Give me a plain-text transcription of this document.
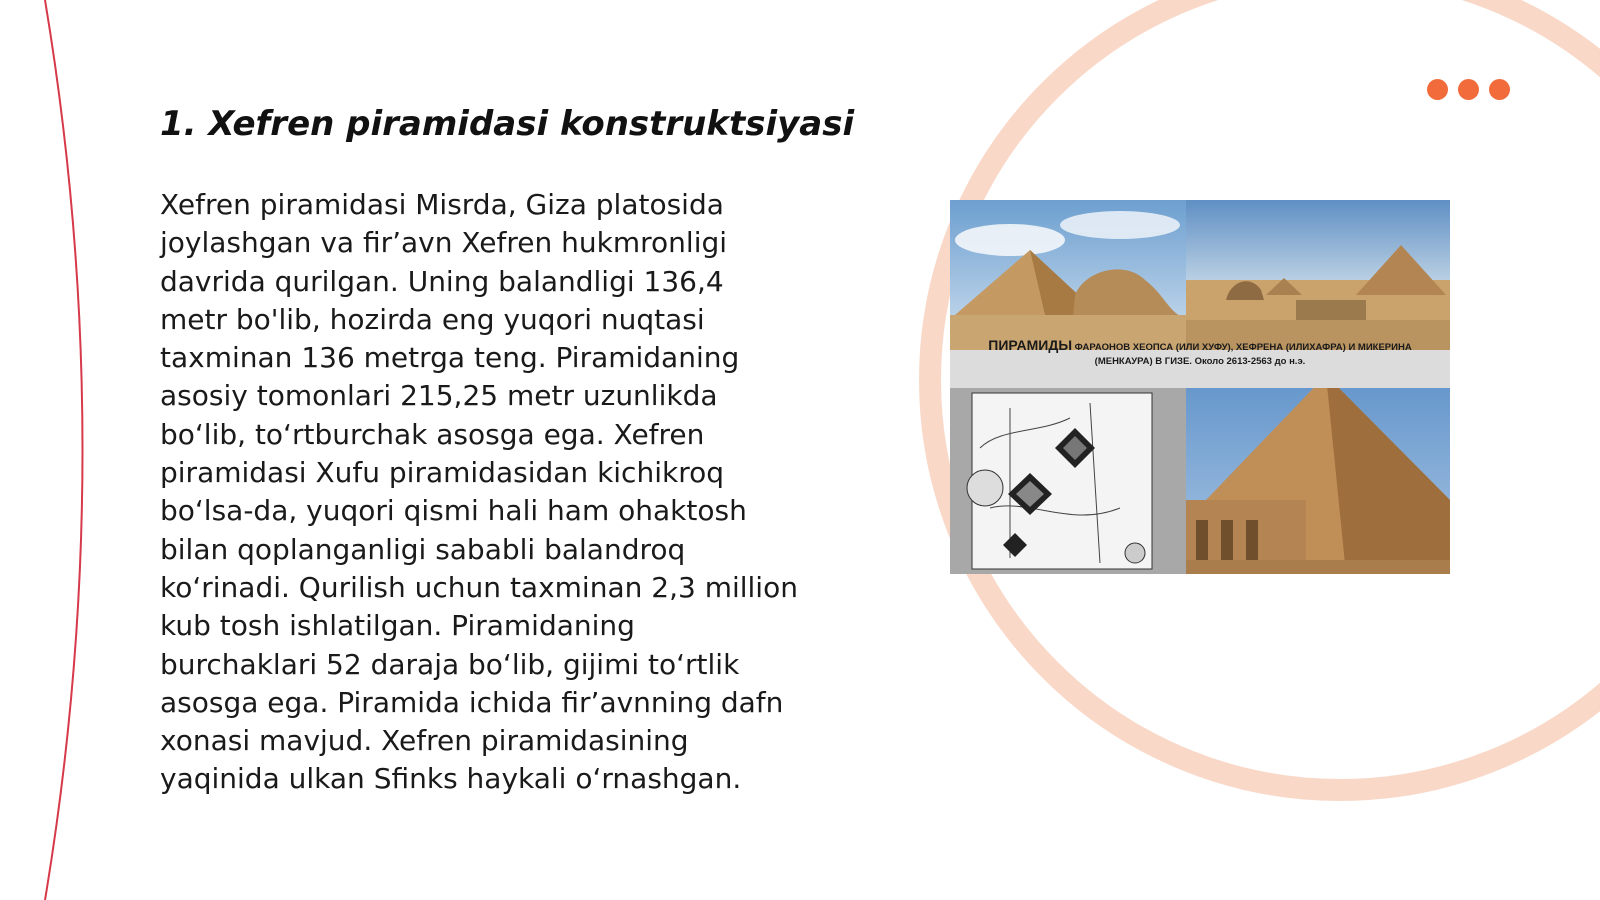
1. Xefren piramidasi konstruktsiyasi
Xefren piramidasi Misrda, Giza platosida
joylashgan va fir’avn Xefren hukmronligi
davrida qurilgan. Uning balandligi 136,4
metr bo'lib, hozirda eng yuqori nuqtasi
taxminan 136 metrga teng. Piramidaning
asosiy tomonlari 215,25 metr uzunlikda
bo‘lib, to‘rtburchak asosga ega. Xefren
piramidasi Xufu piramidasidan kichikroq
bo‘lsa-da, yuqori qismi hali ham ohaktosh
bilan qoplanganligi sababli balandroq
ko‘rinadi. Qurilish uchun taxminan 2,3 million
kub tosh ishlatilgan. Piramidaning
burchaklari 52 daraja bo‘lib, gijimi to‘rtlik
asosga ega. Piramida ichida fir’avnning dafn
xonasi mavjud. Xefren piramidasining
yaqinida ulkan Sfinks haykali o‘rnashgan.
ПИРАМИДЫ ФАРАОНОВ ХЕОПСА (ИЛИ ХУФУ), ХЕФРЕНА (ИЛИХАФРА) И МИКЕРИНА
(МЕНКАУРА) В ГИЗЕ. Около 2613-2563 до н.э.
